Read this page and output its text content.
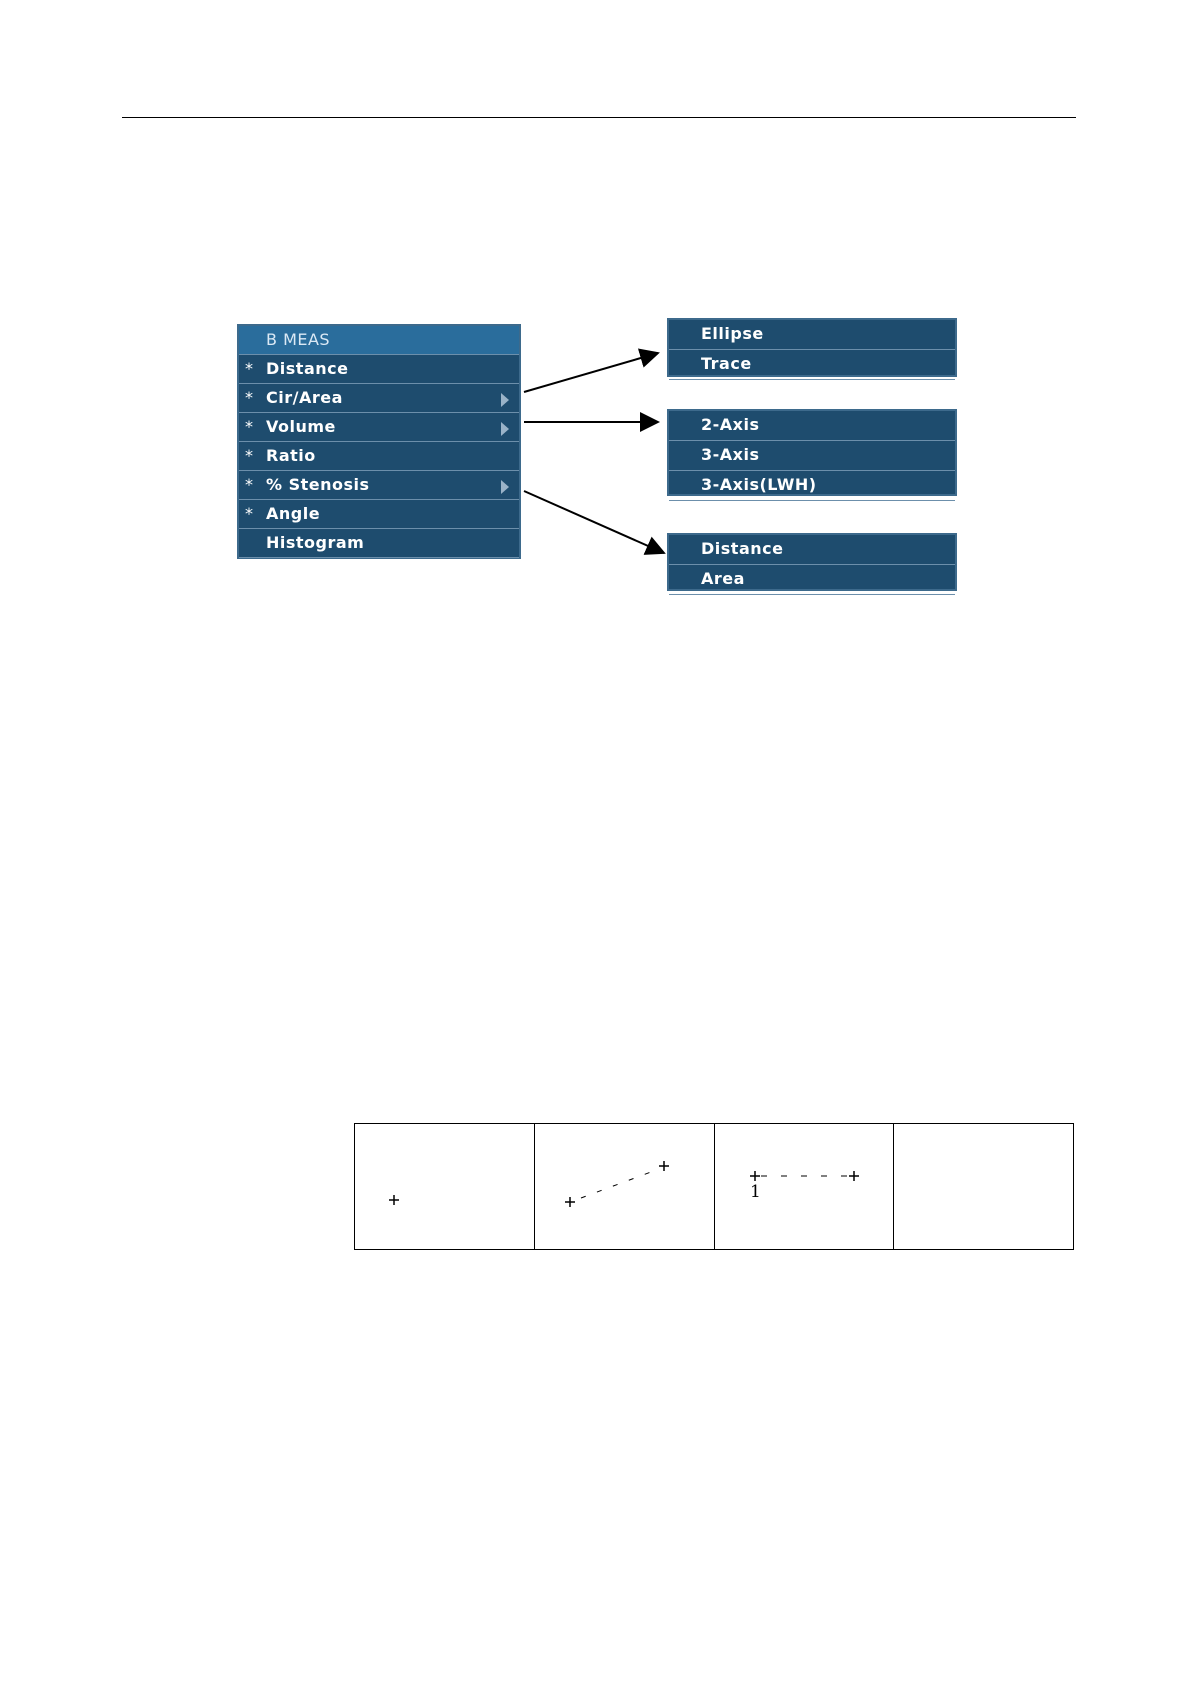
B MEAS
* Distance
* Cir/Area
* Volume
* Ratio
* % Stenosis
* Angle
Histogram
Ellipse
Trace
2-Axis
3-Axis
3-Axis(LWH)
Distance
Area

1
